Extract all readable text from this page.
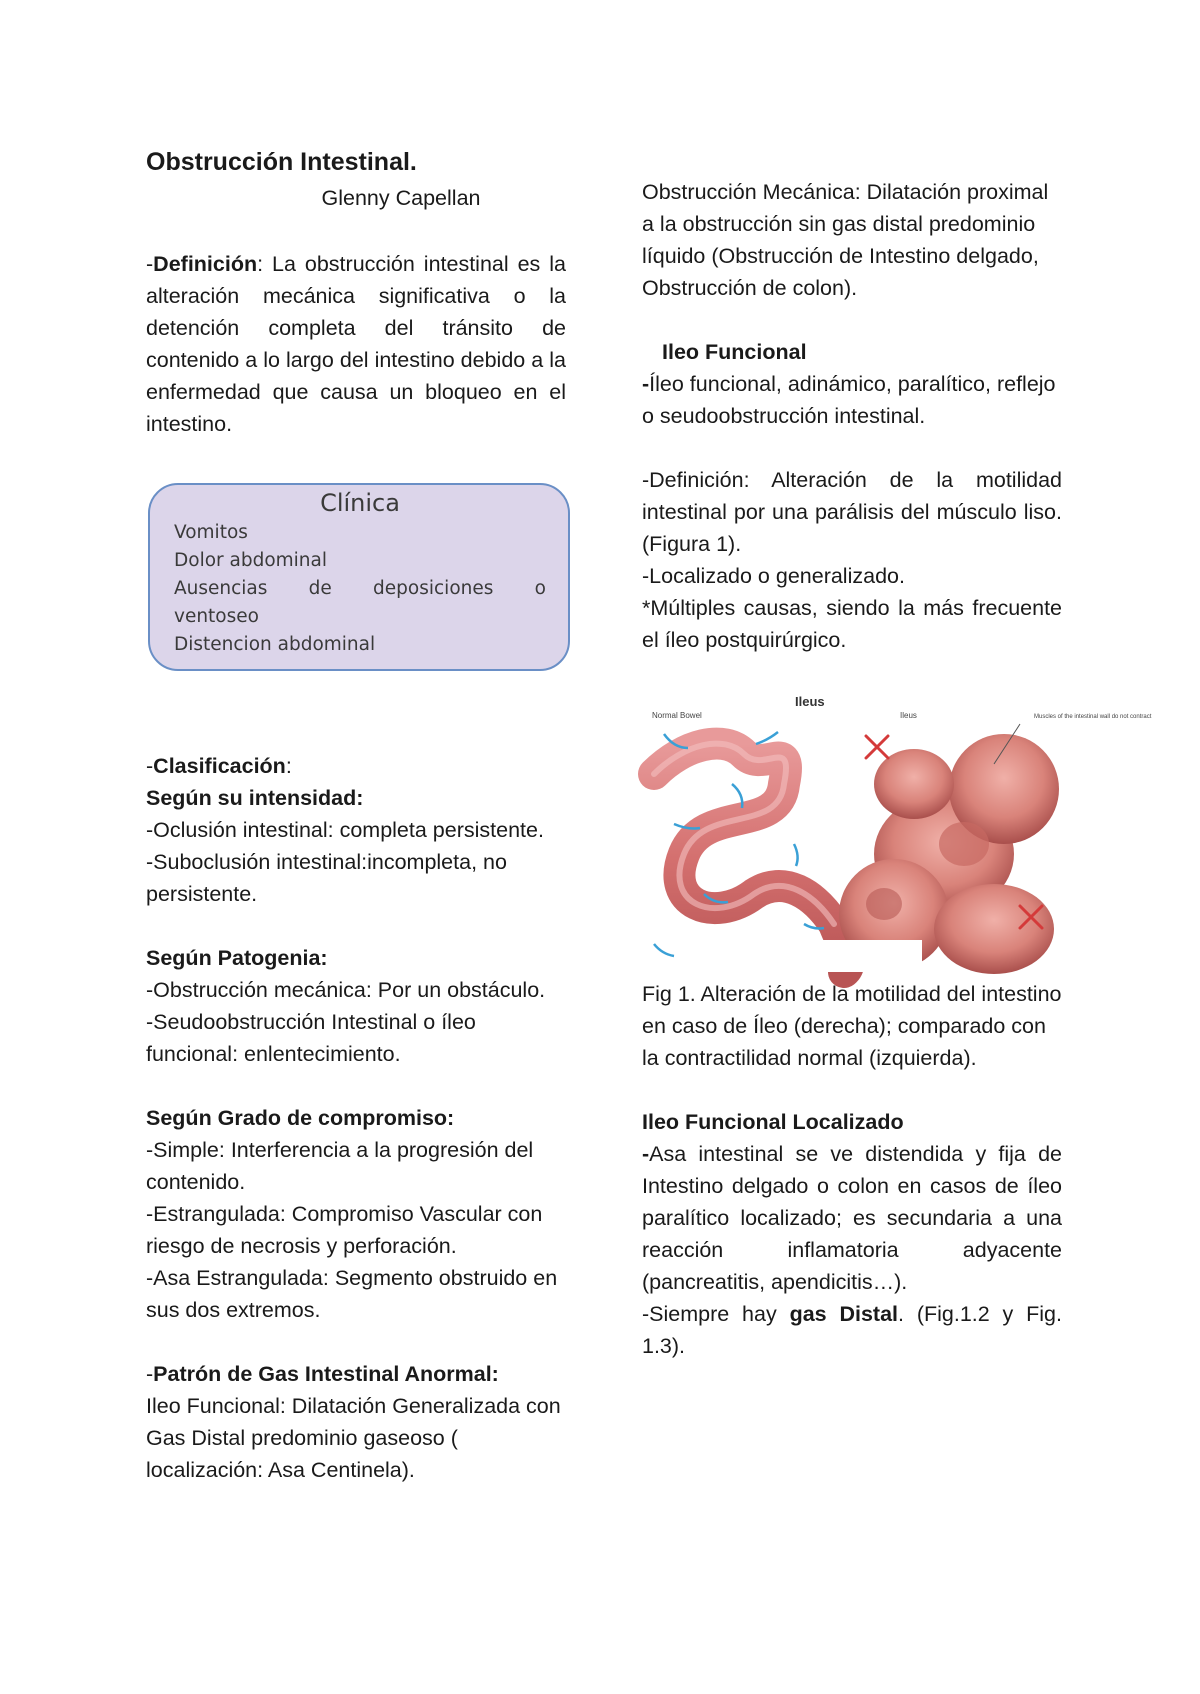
Obstrucción Intestinal.

Glenny Capellan

-Definición: La obstrucción intestinal es la alteración mecánica significativa o la detención completa del tránsito de contenido a lo largo del intestino debido a la enfermedad que causa un bloqueo en el intestino.

-Clasificación:

Según su intensidad:

-Oclusión intestinal: completa persistente.

-Suboclusión intestinal:incompleta, no persistente.

Según Patogenia:

-Obstrucción mecánica: Por un obstáculo.

-Seudoobstrucción Intestinal o íleo funcional: enlentecimiento.

Según Grado de compromiso:

-Simple: Interferencia a la progresión del contenido.

-Estrangulada: Compromiso Vascular con riesgo de necrosis y perforación.

-Asa Estrangulada: Segmento obstruido en sus dos extremos.

-Patrón de Gas Intestinal Anormal:

Ileo Funcional: Dilatación Generalizada con Gas Distal predominio gaseoso ( localización: Asa Centinela).

Clínica
Vomitos
Dolor abdominal
Ausencias de deposiciones o
ventoseo
Distencion abdominal

Obstrucción Mecánica: Dilatación proximal a la obstrucción sin gas distal predominio líquido (Obstrucción de Intestino delgado, Obstrucción de colon).

Ileo Funcional

-Íleo funcional, adinámico, paralítico, reflejo o seudoobstrucción intestinal.

-Definición: Alteración de la motilidad intestinal por una parálisis del músculo liso.(Figura 1).

-Localizado o generalizado.

*Múltiples causas, siendo la más frecuente el íleo postquirúrgico.

Ileus
Normal Bowel	Ileus	Muscles of the intestinal wall do not contract

Fig 1. Alteración de la motilidad del intestino en caso de Íleo (derecha); comparado con la contractilidad normal (izquierda).

Ileo Funcional Localizado

-Asa intestinal se ve distendida y fija de Intestino delgado o colon en casos de íleo paralítico localizado; es secundaria a una reacción inflamatoria adyacente (pancreatitis, apendicitis…).

-Siempre hay gas Distal. (Fig.1.2 y Fig. 1.3).
